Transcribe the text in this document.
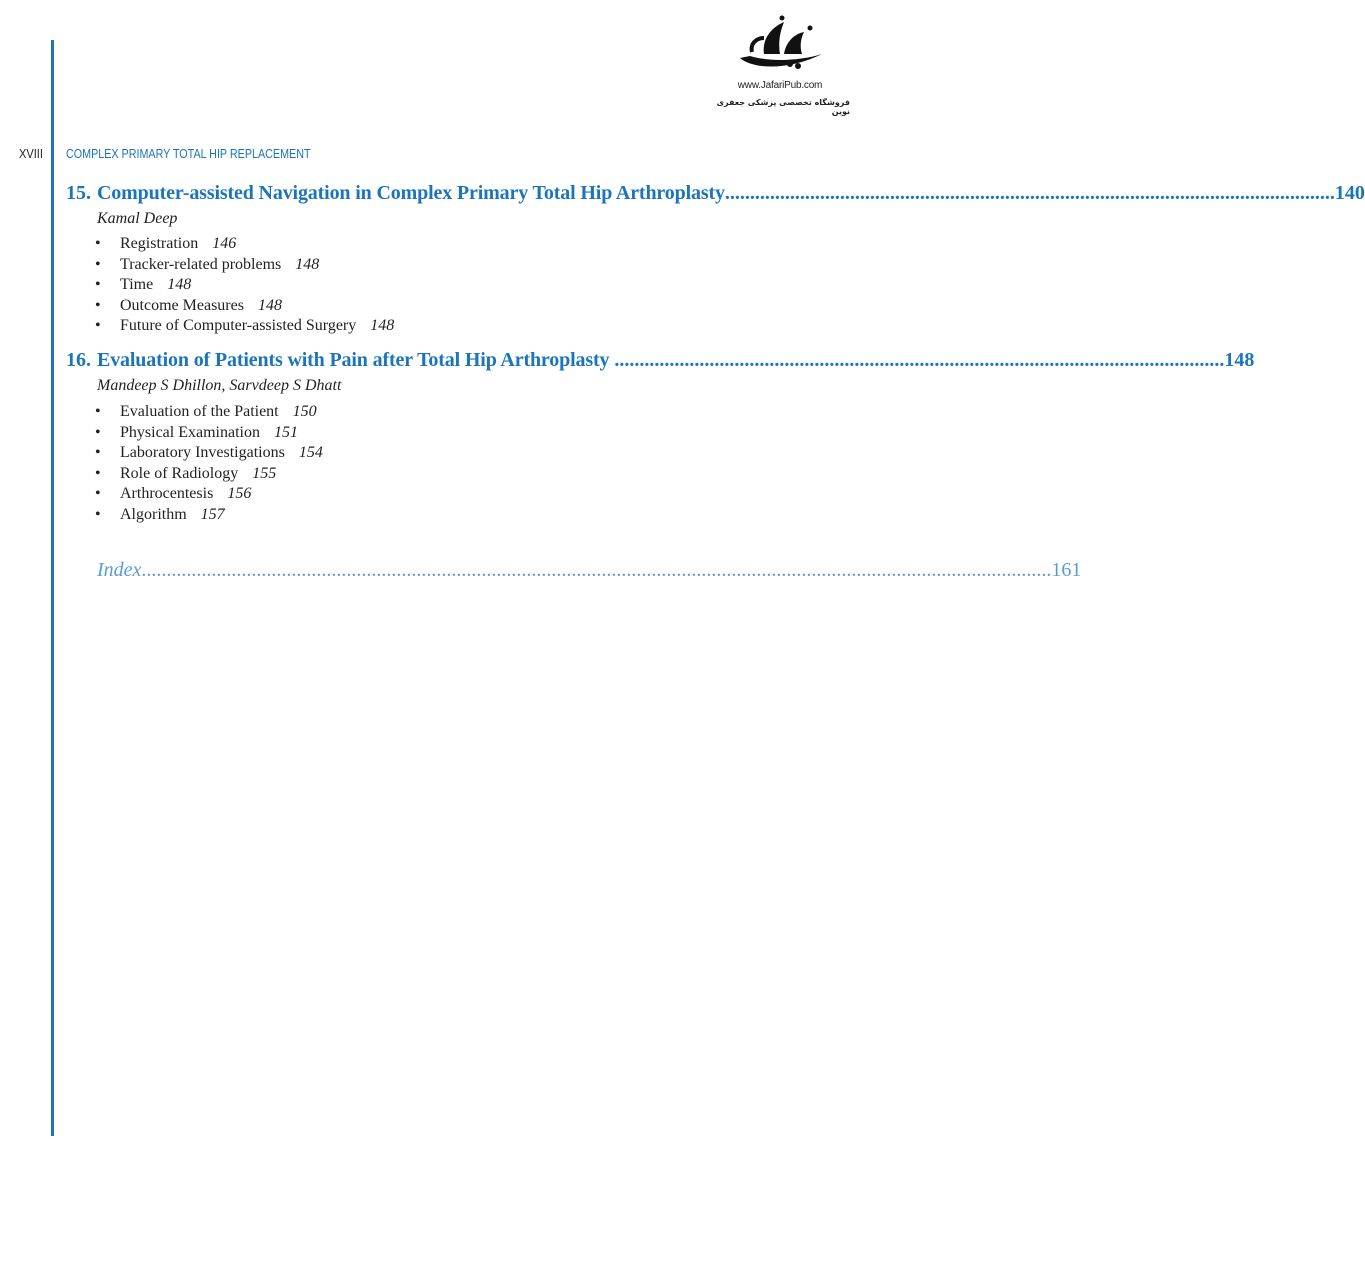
www.JafariPub.com
فروشگاه تخصصی پزشکی جعفری نوین
XVIII COMPLEX PRIMARY TOTAL HIP REPLACEMENT
15. Computer-assisted Navigation in Complex Primary Total Hip Arthroplasty .......................................................................................................................... 140
Kamal Deep
• Registration 146
• Tracker-related problems 148
• Time 148
• Outcome Measures 148
• Future of Computer-assisted Surgery 148
16. Evaluation of Patients with Pain after Total Hip Arthroplasty .......................................................................................................................... 148
Mandeep S Dhillon, Sarvdeep S Dhatt
• Evaluation of the Patient 150
• Physical Examination 151
• Laboratory Investigations 154
• Role of Radiology 155
• Arthrocentesis 156
• Algorithm 157
Index ...................................................................................................................................................................................... 161
